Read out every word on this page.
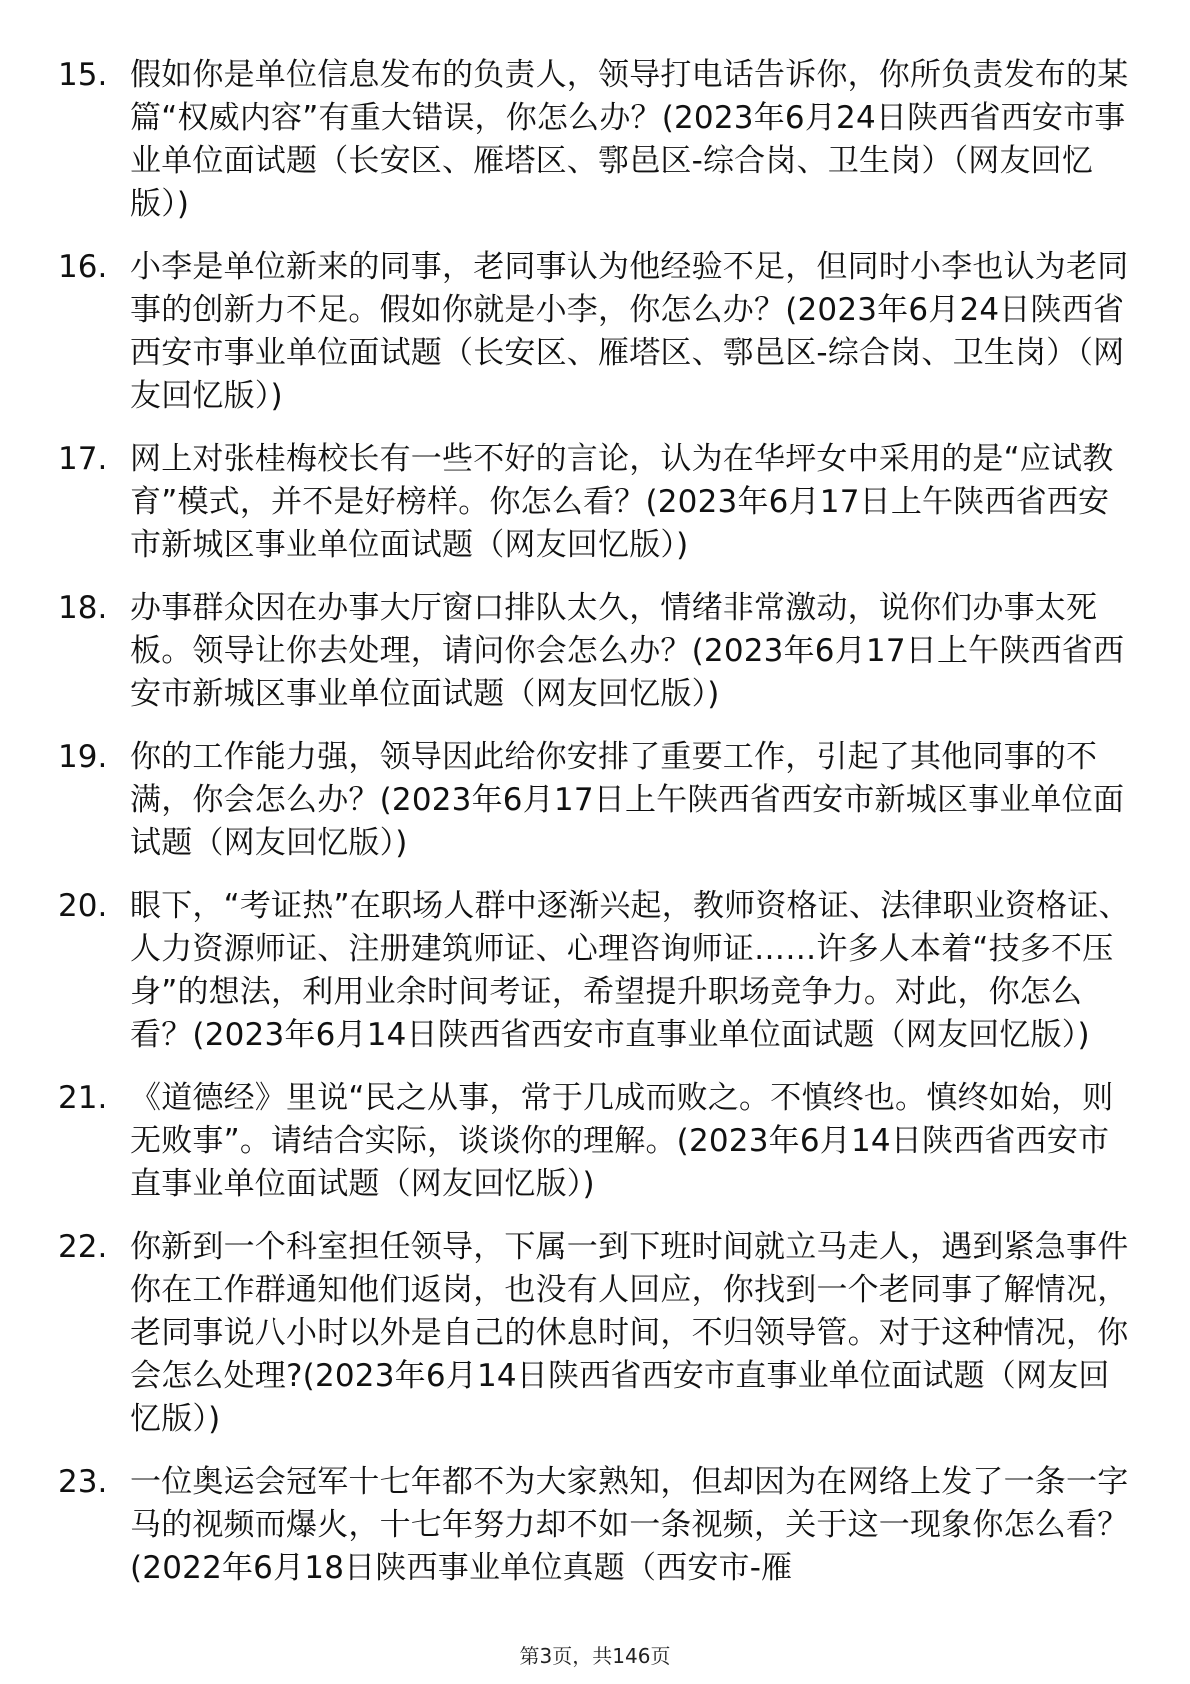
15. 假如你是单位信息发布的负责人，领导打电话告诉你，你所负责发布的某篇“权威内容”有重大错误，你怎么办？(2023年6月24日陕西省西安市事业单位面试题（长安区、雁塔区、鄠邑区-综合岗、卫生岗）（网友回忆版）)
16. 小李是单位新来的同事，老同事认为他经验不足，但同时小李也认为老同事的创新力不足。假如你就是小李，你怎么办？(2023年6月24日陕西省西安市事业单位面试题（长安区、雁塔区、鄠邑区-综合岗、卫生岗）（网友回忆版）)
17. 网上对张桂梅校长有一些不好的言论，认为在华坪女中采用的是“应试教育”模式，并不是好榜样。你怎么看？(2023年6月17日上午陕西省西安市新城区事业单位面试题（网友回忆版）)
18. 办事群众因在办事大厅窗口排队太久，情绪非常激动，说你们办事太死板。领导让你去处理，请问你会怎么办？(2023年6月17日上午陕西省西安市新城区事业单位面试题（网友回忆版）)
19. 你的工作能力强，领导因此给你安排了重要工作，引起了其他同事的不满，你会怎么办？(2023年6月17日上午陕西省西安市新城区事业单位面试题（网友回忆版）)
20. 眼下，“考证热”在职场人群中逐渐兴起，教师资格证、法律职业资格证、人力资源师证、注册建筑师证、心理咨询师证……许多人本着“技多不压身”的想法，利用业余时间考证，希望提升职场竞争力。对此，你怎么看？(2023年6月14日陕西省西安市直事业单位面试题（网友回忆版）)
21. 《道德经》里说“民之从事，常于几成而败之。不慎终也。慎终如始，则无败事”。请结合实际，谈谈你的理解。(2023年6月14日陕西省西安市直事业单位面试题（网友回忆版）)
22. 你新到一个科室担任领导，下属一到下班时间就立马走人，遇到紧急事件你在工作群通知他们返岗，也没有人回应，你找到一个老同事了解情况，老同事说八小时以外是自己的休息时间，不归领导管。对于这种情况，你会怎么处理?(2023年6月14日陕西省西安市直事业单位面试题（网友回忆版）)
23. 一位奥运会冠军十七年都不为大家熟知，但却因为在网络上发了一条一字马的视频而爆火，十七年努力却不如一条视频，关于这一现象你怎么看？(2022年6月18日陕西事业单位真题（西安市-雁
第3页，共146页
